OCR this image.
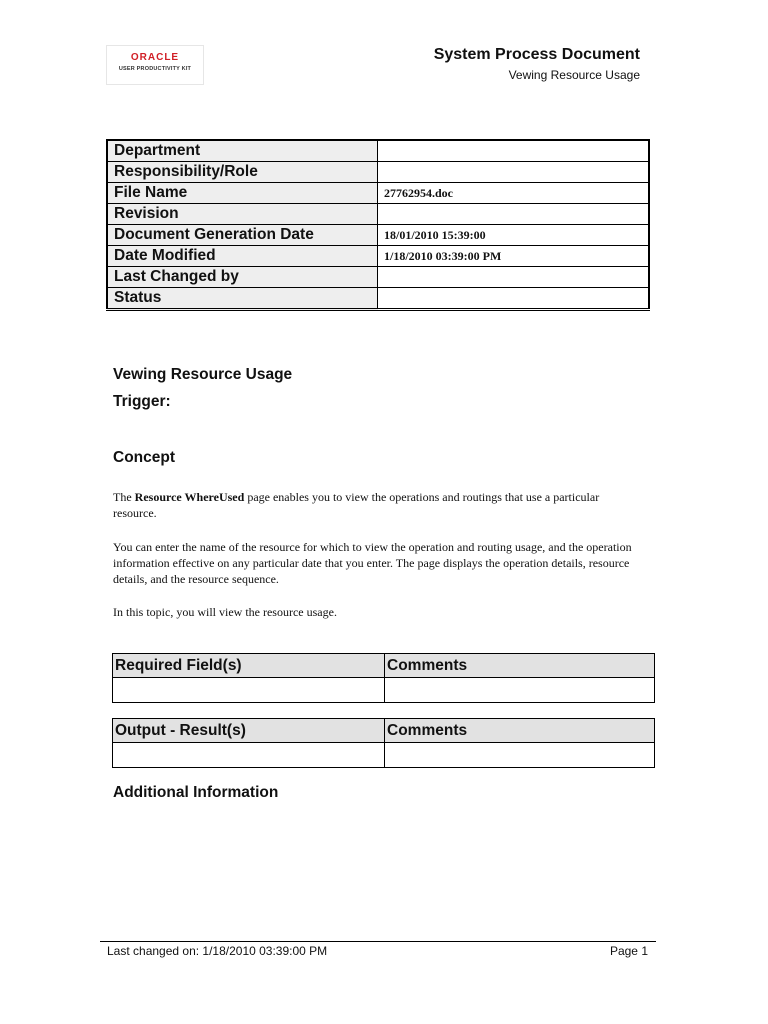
ORACLE
USER PRODUCTIVITY KIT
System Process Document
Vewing Resource Usage
Department	
Responsibility/Role	
File Name	27762954.doc
Revision	
Document Generation Date	18/01/2010 15:39:00
Date Modified	1/18/2010 03:39:00 PM
Last Changed by	
Status	
Vewing Resource Usage
Trigger:
Concept
The Resource WhereUsed page enables you to view the operations and routings that use a particular resource.
You can enter the name of the resource for which to view the operation and routing usage, and the operation information effective on any particular date that you enter. The page displays the operation details, resource details, and the resource sequence.
In this topic, you will view the resource usage.
Required Field(s)	Comments

Output - Result(s)	Comments

Additional Information
Last changed on: 1/18/2010 03:39:00 PM	Page 1
